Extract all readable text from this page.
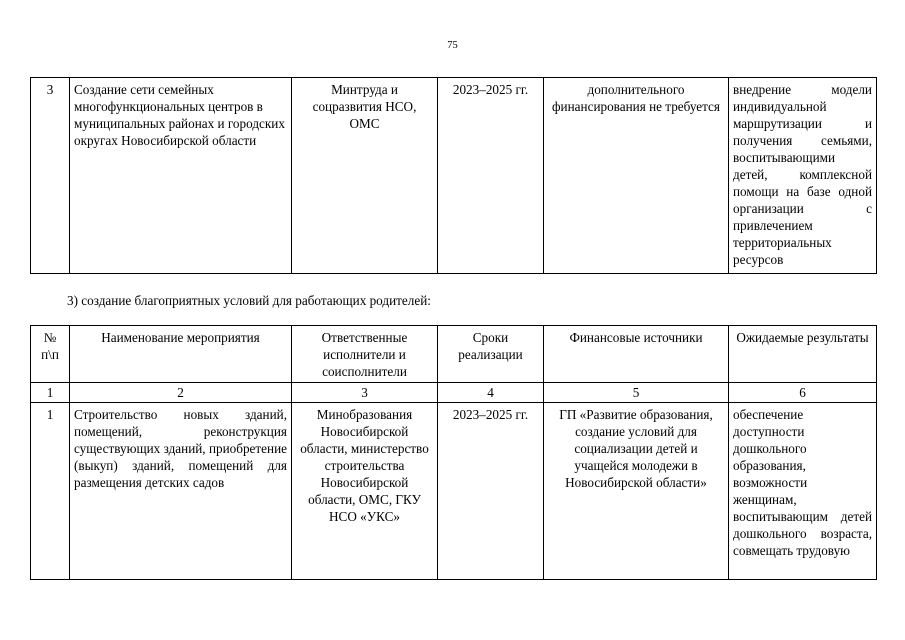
75
3	Создание сети семейных многофункциональных центров в муниципальных районах и городских округах Новосибирской области	Минтруда и соцразвития НСО, ОМС	2023–2025 гг.	дополнительного финансирования не требуется	внедрение модели индивидуальной маршрутизации и получения семьями, воспитывающими детей, комплексной помощи на базе одной организации с привлечением территориальных ресурсов
3) создание благоприятных условий для работающих родителей:
№ п\п	Наименование мероприятия	Ответственные исполнители и соисполнители	Сроки реализации	Финансовые источники	Ожидаемые результаты
1	2	3	4	5	6
1	Строительство новых зданий, помещений, реконструкция существующих зданий, приобретение (выкуп) зданий, помещений для размещения детских садов	Минобразования Новосибирской области, министерство строительства Новосибирской области, ОМС, ГКУ НСО «УКС»	2023–2025 гг.	ГП «Развитие образования, создание условий для социализации детей и учащейся молодежи в Новосибирской области»	обеспечение доступности дошкольного образования, возможности женщинам, воспитывающим детей дошкольного возраста, совмещать трудовую
